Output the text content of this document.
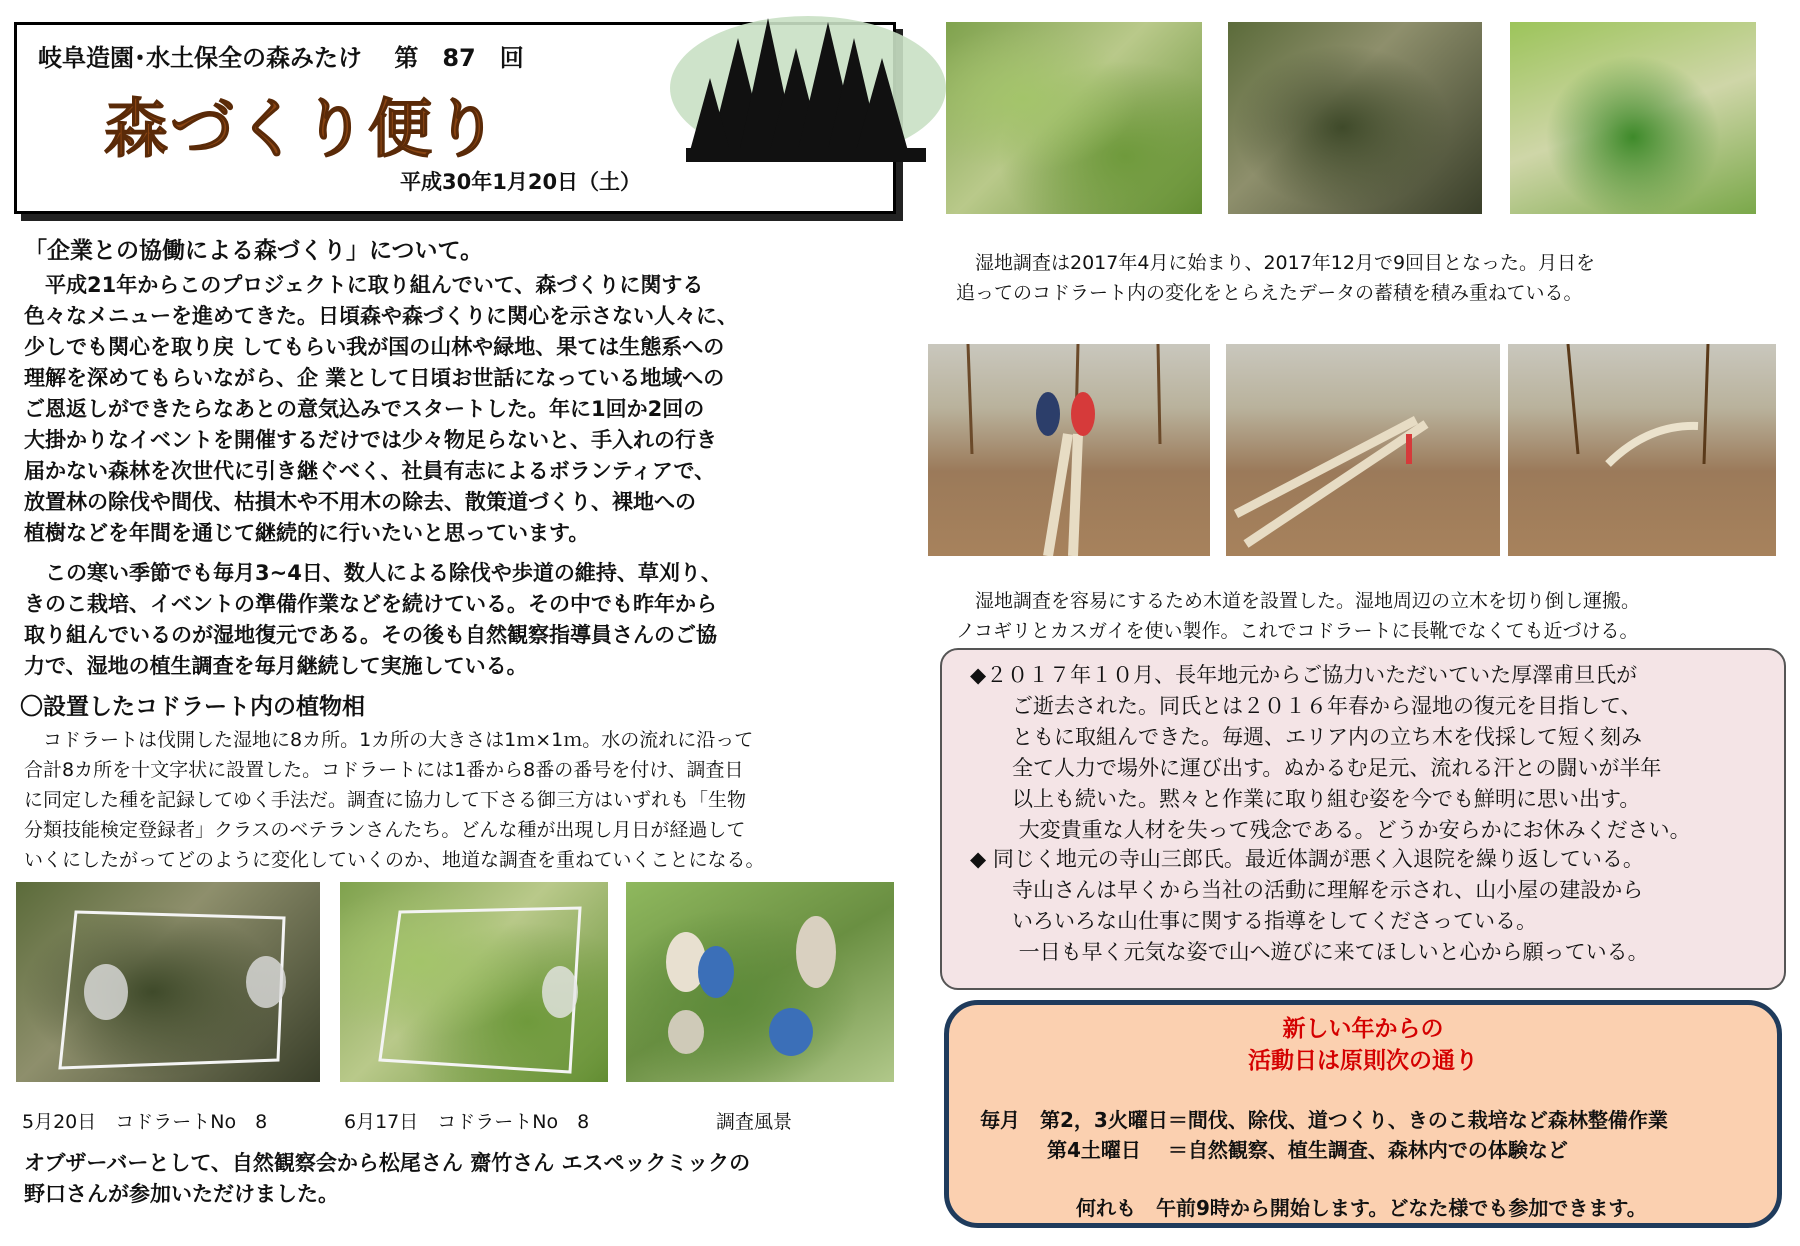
岐阜造園･水土保全の森みたけ　 第　87　回
森づくり便り
平成30年1月20日（土）
「企業との協働による森づくり」について。
　平成21年からこのプロジェクトに取り組んでいて、森づくりに関する
色々なメニューを進めてきた。日頃森や森づくりに関心を示さない人々に、
少しでも関心を取り戻 してもらい我が国の山林や緑地、果ては生態系への
理解を深めてもらいながら、企 業として日頃お世話になっている地域への
ご恩返しができたらなあとの意気込みでスタートした。年に1回か2回の
大掛かりなイベントを開催するだけでは少々物足らないと、手入れの行き
届かない森林を次世代に引き継ぐべく、社員有志によるボランティアで、
放置林の除伐や間伐、枯損木や不用木の除去、散策道づくり、裸地への
植樹などを年間を通じて継続的に行いたいと思っています。
　この寒い季節でも毎月3~4日、数人による除伐や歩道の維持、草刈り、
きのこ栽培、イベントの準備作業などを続けている。その中でも昨年から
取り組んでいるのが湿地復元である。その後も自然観察指導員さんのご協
力で、湿地の植生調査を毎月継続して実施している。
〇設置したコドラート内の植物相
　コドラートは伐開した湿地に8カ所。1カ所の大きさは1ｍ×1ｍ。水の流れに沿って
合計8カ所を十文字状に設置した。コドラートには1番から8番の番号を付け、調査日
に同定した種を記録してゆく手法だ。調査に協力して下さる御三方はいずれも「生物
分類技能検定登録者」クラスのベテランさんたち。どんな種が出現し月日が経過して
いくにしたがってどのように変化していくのか、地道な調査を重ねていくことになる。
5月20日　コドラートNo　8	6月17日　コドラートNo　8	調査風景
オブザーバーとして、自然観察会から松尾さん 齋竹さん エスペックミックの
野口さんが参加いただけました。
　湿地調査は2017年4月に始まり、2017年12月で9回目となった。月日を
追ってのコドラート内の変化をとらえたデータの蓄積を積み重ねている。
　湿地調査を容易にするため木道を設置した。湿地周辺の立木を切り倒し運搬。
ノコギリとカスガイを使い製作。これでコドラートに長靴でなくても近づける。
◆２０１７年１０月、長年地元からご協力いただいていた厚澤甫旦氏が
　　ご逝去された。同氏とは２０１６年春から湿地の復元を目指して、
　　ともに取組んできた。毎週、エリア内の立ち木を伐採して短く刻み
　　全て人力で場外に運び出す。ぬかるむ足元、流れる汗との闘いが半年
　　以上も続いた。黙々と作業に取り組む姿を今でも鮮明に思い出す。
　　 大変貴重な人材を失って残念である。どうか安らかにお休みください。
◆ 同じく地元の寺山三郎氏。最近体調が悪く入退院を繰り返している。
　　寺山さんは早くから当社の活動に理解を示され、山小屋の建設から
　　いろいろな山仕事に関する指導をしてくださっている。
　　 一日も早く元気な姿で山へ遊びに来てほしいと心から願っている。
新しい年からの
活動日は原則次の通り
毎月　第2，3火曜日＝間伐、除伐、道つくり、きのこ栽培など森林整備作業
　　　 第4土曜日　 ＝自然観察、植生調査、森林内での体験など
何れも　午前9時から開始します。どなた様でも参加できます。
